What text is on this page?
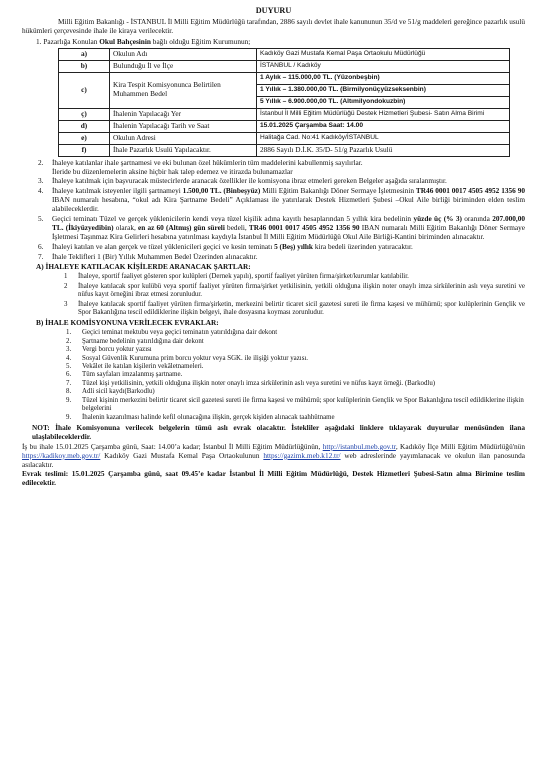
DUYURU
Milli Eğitim Bakanlığı - İSTANBUL İl Milli Eğitim Müdürlüğü tarafından, 2886 sayılı devlet ihale kanununun 35/d ve 51/g maddeleri gereğince pazarlık usulü hükümleri çerçevesinde ihale ile kiraya verilecektir.
1. Pazarlığa Konulan Okul Bahçesinin bağlı olduğu Eğitim Kurumunun;
a)	Okulun Adı	Kadıköy Gazi Mustafa Kemal Paşa Ortaokulu Müdürlüğü
b)	Bulunduğu İl ve İlçe	İSTANBUL / Kadıköy
c)	Kira Tespit Komisyonunca Belirtilen Muhammen Bedel	1 Aylık – 115.000,00 TL. (Yüzonbeşbin)
		1 Yıllık – 1.380.000,00 TL. (Birmilyonüçyüzseksenbin)
		5 Yıllık – 6.900.000,00 TL. (Altımilyondokuzbin)
ç)	İhalenin Yapılacağı Yer	İstanbul İl Milli Eğitim Müdürlüğü Destek Hizmetleri Şubesi- Satın Alma Birimi
d)	İhalenin Yapılacağı Tarih ve Saat	15.01.2025 Çarşamba Saat: 14.00
e)	Okulun Adresi	Halitağa Cad. No:41 Kadıköy/İSTANBUL
f)	İhale Pazarlık Usulü Yapılacaktır.	2886 Sayılı D.İ.K. 35/D- 51/g Pazarlık Usulü
2.	İhaleye katılanlar ihale şartnamesi ve eki bulunan özel hükümlerin tüm maddelerini kabullenmiş sayılırlar.
İleride bu düzenlemelerin aksine hiçbir hak talep edemez ve itirazda bulunamazlar
3.	İhaleye katılmak için başvuracak müstecirlerde aranacak özellikler ile komisyona ibraz etmeleri gereken Belgeler aşağıda sıralanmıştır.
4.	İhaleye katılmak isteyenler ilgili şartnameyi 1.500,00 TL. (Binbeşyüz) Milli Eğitim Bakanlığı Döner Sermaye İşletmesinin TR46 0001 0017 4505 4952 1356 90 IBAN numaralı hesabına, “okul adı Kira Şartname Bedeli” Açıklaması ile yatırılarak Destek Hizmetleri Şubesi –Okul Aile birliği biriminden elden teslim alabileceklerdir.
5.	Geçici teminatı Tüzel ve gerçek yüklenicilerin kendi veya tüzel kişilik adına kayıtlı hesaplarından 5 yıllık kira bedelinin yüzde üç (% 3) oranında 207.000,00 TL. (İkiyüzyedibin) olarak, en az 60 (Altmış) gün süreli bedeli, TR46 0001 0017 4505 4952 1356 90 IBAN numaralı Milli Eğitim Bakanlığı Döner Sermaye İşletmesi Taşınmaz Kira Gelirleri hesabına yatırılması kaydıyla İstanbul İl Milli Eğitim Müdürlüğü Okul Aile Birliği-Kantini biriminden alınacaktır.
6.	İhaleyi katılan ve alan gerçek ve tüzel yüklenicileri geçici ve kesin teminatı 5 (Beş) yıllık kira bedeli üzerinden yatıracaktır.
7.	İhale Teklifleri 1 (Bir) Yıllık Muhammen Bedel Üzerinden alınacaktır.
A) İHALEYE KATILACAK KİŞİLERDE ARANACAK ŞARTLAR:
1	İhaleye, sportif faaliyet gösteren spor kulüpleri (Dernek yapılı), sportif faaliyet yürüten firma/şirket/kurumlar katılabilir.
2	İhaleye katılacak spor kulübü veya sportif faaliyet yürüten firma/şirket yetkilisinin, yetkili olduğuna ilişkin noter onaylı imza sirkülerinin aslı veya suretini ve nüfus kayıt örneğini ibraz etmesi zorunludur.
3	İhaleye katılacak sportif faaliyet yürüten firma/şirketin, merkezini belirtir ticaret sicil gazetesi sureti ile firma kaşesi ve mühürnü; spor kulüplerinin Gençlik ve Spor Bakanlığına tescil edildiklerine ilişkin belgeyi, ihale dosyasına koyması zorunludur.
B) İHALE KOMİSYONUNA VERİLECEK EVRAKLAR:
1.	Geçici teminat mektubu veya geçici teminatın yatırıldığına dair dekont
2.	Şartname bedelinin yatırıldığına dair dekont
3.	Vergi borcu yoktur yazısı
4.	Sosyal Güvenlik Kurumuna prim borcu yoktur veya SGK. ile ilişiği yoktur yazısı.
5.	Vekâlet ile katılan kişilerin vekâletnameleri.
6.	Tüm sayfaları imzalanmış şartname.
7.	Tüzel kişi yetkilisinin, yetkili olduğuna ilişkin noter onaylı imza sirkülerinin aslı veya suretini ve nüfus kayıt örneği. (Barkodlu)
8.	Adli sicil kaydı(Barkodlu)
9.	Tüzel kişinin merkezini belirtir ticaret sicil gazetesi sureti ile firma kaşesi ve mühürnü; spor kulüplerinin Gençlik ve Spor Bakanlığına tescil edildiklerine ilişkin belgelerini
9.	İhalenin kazanılması halinde kefil olunacağına ilişkin, gerçek kişiden alınacak taahhütname
NOT: İhale Komisyonuna verilecek belgelerin tümü aslı evrak olacaktır. İstekliler aşağıdaki linklere tıklayarak duyurular menüsünden ilana ulaşlabileceklerdir.
İş bu ihale 15.01.2025 Çarşamba günü, Saat: 14.00’a kadar; İstanbul İl Milli Eğitim Müdürlüğünün, http://istanbul.meb.gov.tr, Kadıköy İlçe Milli Eğitim Müdürlüğü'nün https://kadikoy.meb.gov.tr/ Kadıköy Gazi Mustafa Kemal Paşa Ortaokulunun https://gazimk.meb.k12.tr/ web adreslerinde yayımlanacak ve okulun ilan panosunda asılacaktır.
Evrak teslimi: 15.01.2025 Çarşamba günü, saat 09.45’e kadar İstanbul İl Milli Eğitim Müdürlüğü, Destek Hizmetleri Şubesi-Satın alma Birimine teslim edilecektir.
